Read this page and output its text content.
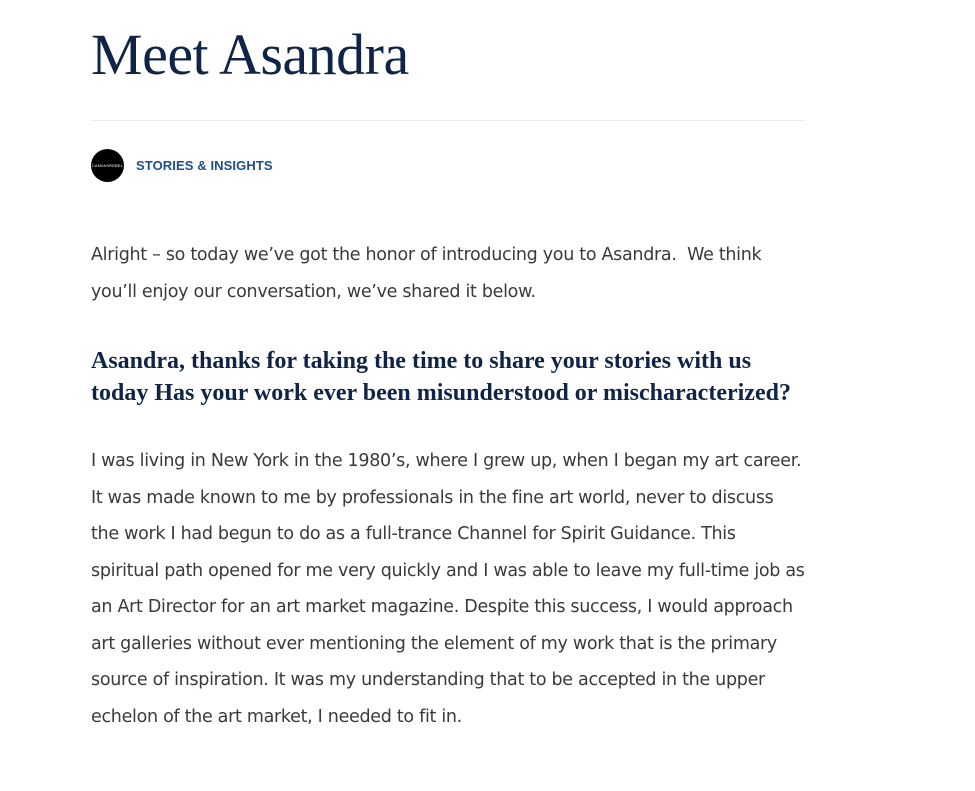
Meet Asandra
CANVASREBEL STORIES & INSIGHTS

Alright – so today we’ve got the honor of introducing you to Asandra.  We think you’ll enjoy our conversation, we’ve shared it below.

Asandra, thanks for taking the time to share your stories with us today Has your work ever been misunderstood or mischaracterized?

I was living in New York in the 1980’s, where I grew up, when I began my art career. It was made known to me by professionals in the fine art world, never to discuss the work I had begun to do as a full-trance Channel for Spirit Guidance. This spiritual path opened for me very quickly and I was able to leave my full-time job as an Art Director for an art market magazine. Despite this success, I would approach art galleries without ever mentioning the element of my work that is the primary source of inspiration. It was my understanding that to be accepted in the upper echelon of the art market, I needed to fit in.
